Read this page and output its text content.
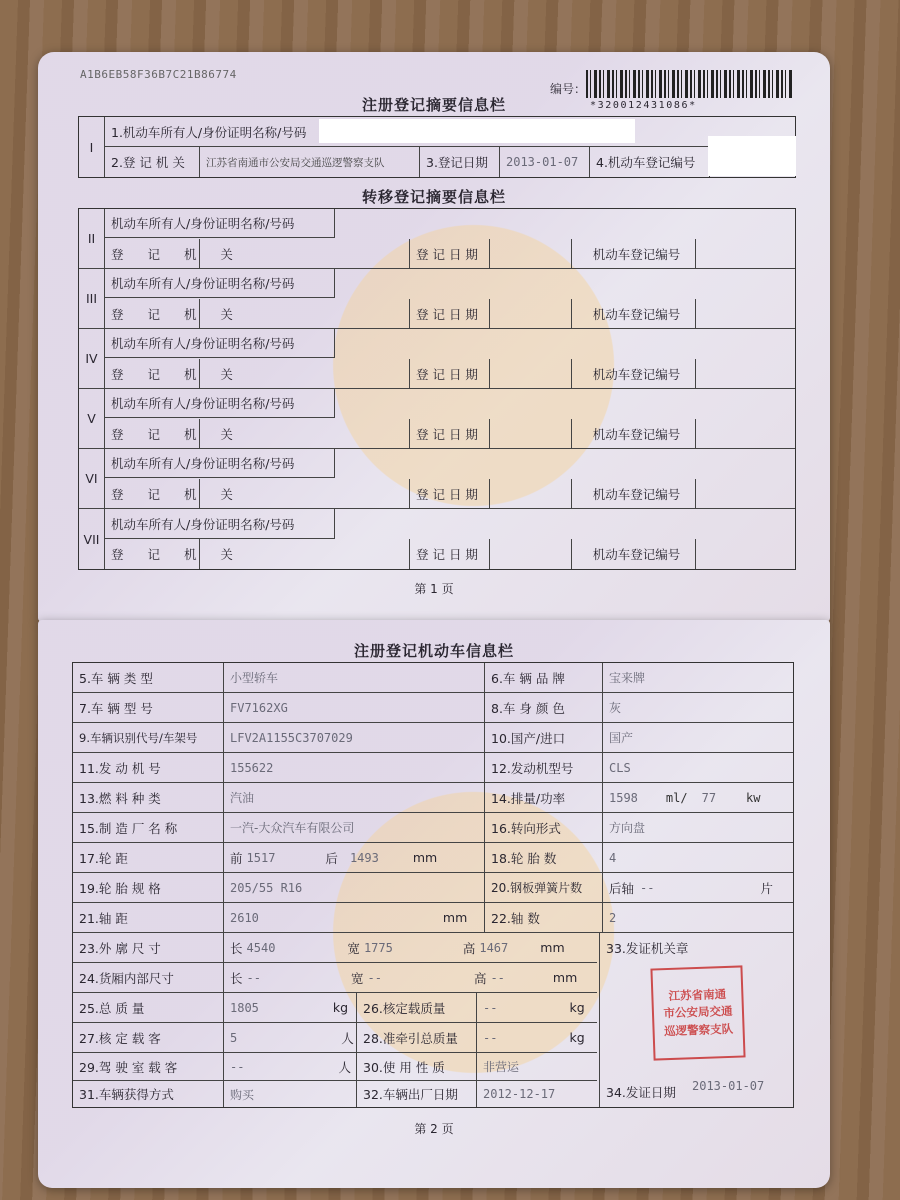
A1B6EB58F36B7C21B86774
编号：
*320012431086*
注册登记摘要信息栏
I
1.机动车所有人/身份证明名称/号码
2.登 记 机 关	江苏省南通市公安局交通巡逻警察支队	3.登记日期	2013-01-07	4.机动车登记编号
转移登记摘要信息栏
II
机动车所有人/身份证明名称/号码
登 记 机 关	登 记 日 期	机动车登记编号
III
机动车所有人/身份证明名称/号码
登 记 机 关	登 记 日 期	机动车登记编号
IV
机动车所有人/身份证明名称/号码
登 记 机 关	登 记 日 期	机动车登记编号
V
机动车所有人/身份证明名称/号码
登 记 机 关	登 记 日 期	机动车登记编号
VI
机动车所有人/身份证明名称/号码
登 记 机 关	登 记 日 期	机动车登记编号
VII
机动车所有人/身份证明名称/号码
登 记 机 关	登 记 日 期	机动车登记编号
第 1 页
注册登记机动车信息栏
5.车 辆 类 型	小型轿车	6.车 辆 品 牌	宝来牌
7.车 辆 型 号	FV7162XG	8.车 身 颜 色	灰
9.车辆识别代号/车架号	LFV2A1155C3707029	10.国产/进口	国产
11.发 动 机 号	155622	12.发动机型号	CLS
13.燃 料 种 类	汽油	14.排量/功率	1598 ml/ 77	kw
15.制 造 厂 名 称	一汽-大众汽车有限公司	16.转向形式	方向盘
17.轮 距	前 1517	后 1493	mm	18.轮 胎 数	4
19.轮 胎 规 格	205/55 R16	20.钢板弹簧片数	后轴 --	片
21.轴 距	2610	mm	22.轴 数	2
23.外 廓 尺 寸	长 4540	宽 1775	高 1467	mm
24.货厢内部尺寸	长 --	宽 --	高 --	mm
25.总 质 量	1805	kg	26.核定载质量	--	kg
27.核 定 载 客	5	人 28.准牵引总质量	--	kg
29.驾 驶 室 载 客	--	人 30.使 用 性 质	非营运
31.车辆获得方式	购买	32.车辆出厂日期	2012-12-17
33.发证机关章
江苏省南通
市公安局交通
巡逻警察支队
34.发证日期 2013-01-07
第 2 页
